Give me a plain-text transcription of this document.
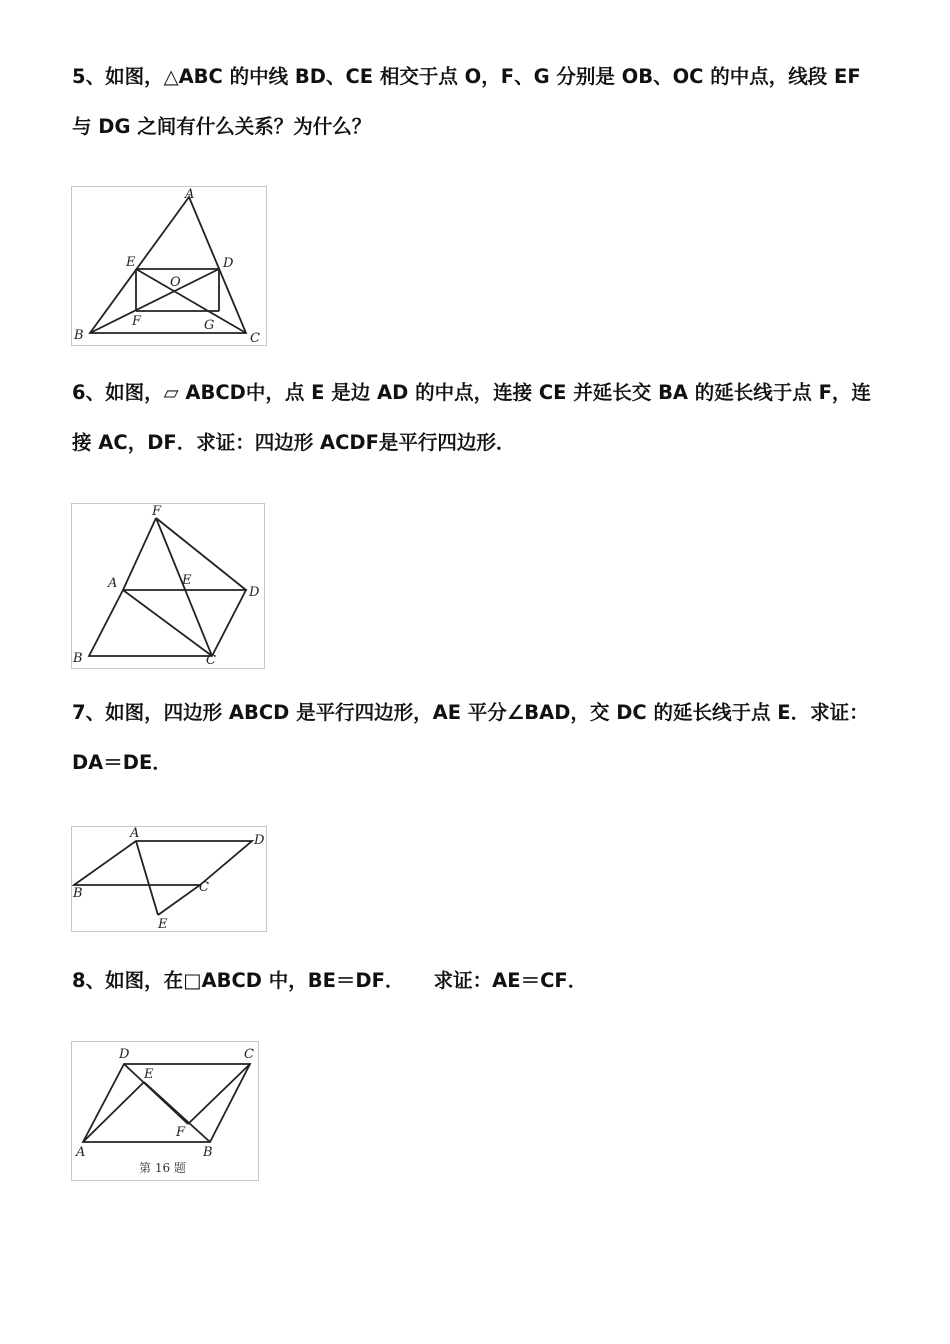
5、如图，△ABC 的中线 BD、CE 相交于点 O，F、G 分别是 OB、OC 的中点，线段 EF 与 DG 之间有什么关系？为什么？

A
E	D
O
F	G
B	C

6、如图，▱ ABCD中，点 E 是边 AD 的中点，连接 CE 并延长交 BA 的延长线于点 F，连接 AC，DF．求证：四边形 ACDF是平行四边形．

F
A	E
D
B	C

7、如图，四边形 ABCD 是平行四边形，AE 平分∠BAD，交 DC 的延长线于点 E．求证：DA＝DE．

A	D
B	C
E

8、如图，在□ABCD 中，BE＝DF．　　求证：AE＝CF．

D	C
E
F
A	B
第 16 题
